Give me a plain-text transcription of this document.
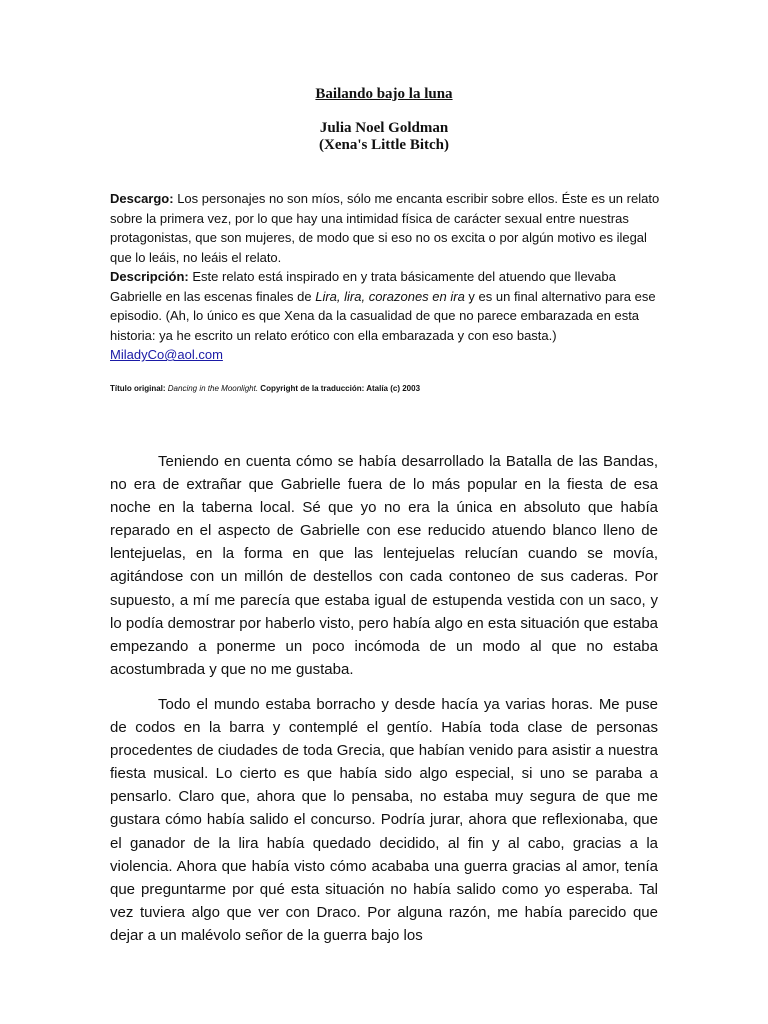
Bailando bajo la luna
Julia Noel Goldman
(Xena's Little Bitch)

Descargo: Los personajes no son míos, sólo me encanta escribir sobre ellos. Éste es un relato sobre la primera vez, por lo que hay una intimidad física de carácter sexual entre nuestras protagonistas, que son mujeres, de modo que si eso no os excita o por algún motivo es ilegal que lo leáis, no leáis el relato.

Descripción: Este relato está inspirado en y trata básicamente del atuendo que llevaba Gabrielle en las escenas finales de Lira, lira, corazones en ira y es un final alternativo para ese episodio. (Ah, lo único es que Xena da la casualidad de que no parece embarazada en esta historia: ya he escrito un relato erótico con ella embarazada y con eso basta.)

MiladyCo@aol.com

Título original: Dancing in the Moonlight. Copyright de la traducción: Atalía (c) 2003

Teniendo en cuenta cómo se había desarrollado la Batalla de las Bandas, no era de extrañar que Gabrielle fuera de lo más popular en la fiesta de esa noche en la taberna local. Sé que yo no era la única en absoluto que había reparado en el aspecto de Gabrielle con ese reducido atuendo blanco lleno de lentejuelas, en la forma en que las lentejuelas relucían cuando se movía, agitándose con un millón de destellos con cada contoneo de sus caderas. Por supuesto, a mí me parecía que estaba igual de estupenda vestida con un saco, y lo podía demostrar por haberlo visto, pero había algo en esta situación que estaba empezando a ponerme un poco incómoda de un modo al que no estaba acostumbrada y que no me gustaba.

Todo el mundo estaba borracho y desde hacía ya varias horas. Me puse de codos en la barra y contemplé el gentío. Había toda clase de personas procedentes de ciudades de toda Grecia, que habían venido para asistir a nuestra fiesta musical. Lo cierto es que había sido algo especial, si uno se paraba a pensarlo. Claro que, ahora que lo pensaba, no estaba muy segura de que me gustara cómo había salido el concurso. Podría jurar, ahora que reflexionaba, que el ganador de la lira había quedado decidido, al fin y al cabo, gracias a la violencia. Ahora que había visto cómo acababa una guerra gracias al amor, tenía que preguntarme por qué esta situación no había salido como yo esperaba. Tal vez tuviera algo que ver con Draco. Por alguna razón, me había parecido que dejar a un malévolo señor de la guerra bajo los
